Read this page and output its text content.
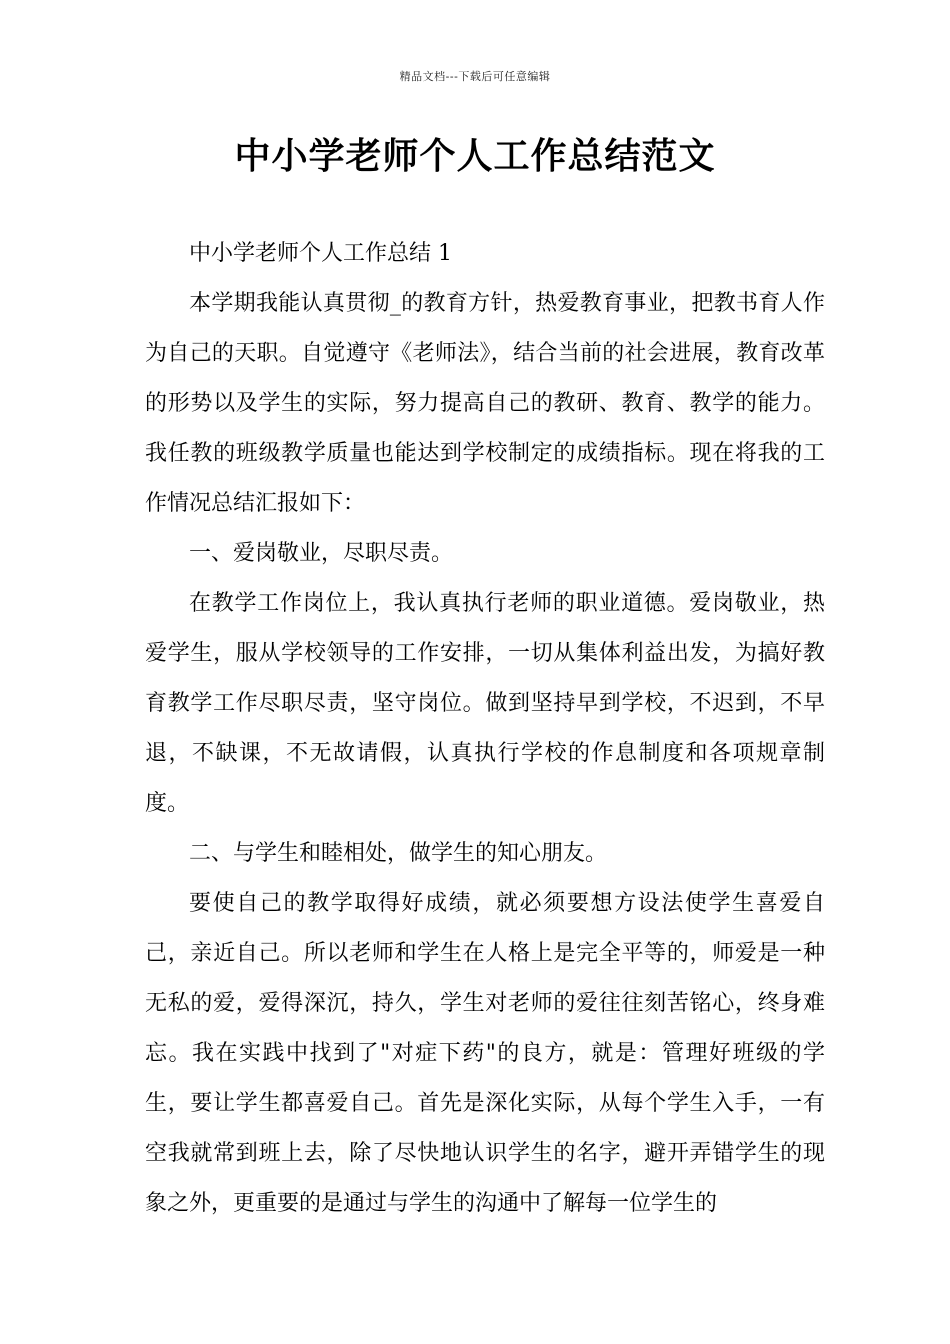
精品文档---下载后可任意编辑
中小学老师个人工作总结范文

中小学老师个人工作总结 1

本学期我能认真贯彻_的教育方针，热爱教育事业，把教书育人作为自己的天职。自觉遵守《老师法》，结合当前的社会进展，教育改革的形势以及学生的实际，努力提高自己的教研、教育、教学的能力。我任教的班级教学质量也能达到学校制定的成绩指标。现在将我的工作情况总结汇报如下：

一、爱岗敬业，尽职尽责。

在教学工作岗位上，我认真执行老师的职业道德。爱岗敬业，热爱学生，服从学校领导的工作安排，一切从集体利益出发，为搞好教育教学工作尽职尽责，坚守岗位。做到坚持早到学校，不迟到，不早退，不缺课，不无故请假，认真执行学校的作息制度和各项规章制度。

二、与学生和睦相处，做学生的知心朋友。

要使自己的教学取得好成绩，就必须要想方设法使学生喜爱自己，亲近自己。所以老师和学生在人格上是完全平等的，师爱是一种无私的爱，爱得深沉，持久，学生对老师的爱往往刻苦铭心，终身难忘。我在实践中找到了"对症下药"的良方，就是：管理好班级的学生，要让学生都喜爱自己。首先是深化实际，从每个学生入手，一有空我就常到班上去，除了尽快地认识学生的名字，避开弄错学生的现象之外，更重要的是通过与学生的沟通中了解每一位学生的
